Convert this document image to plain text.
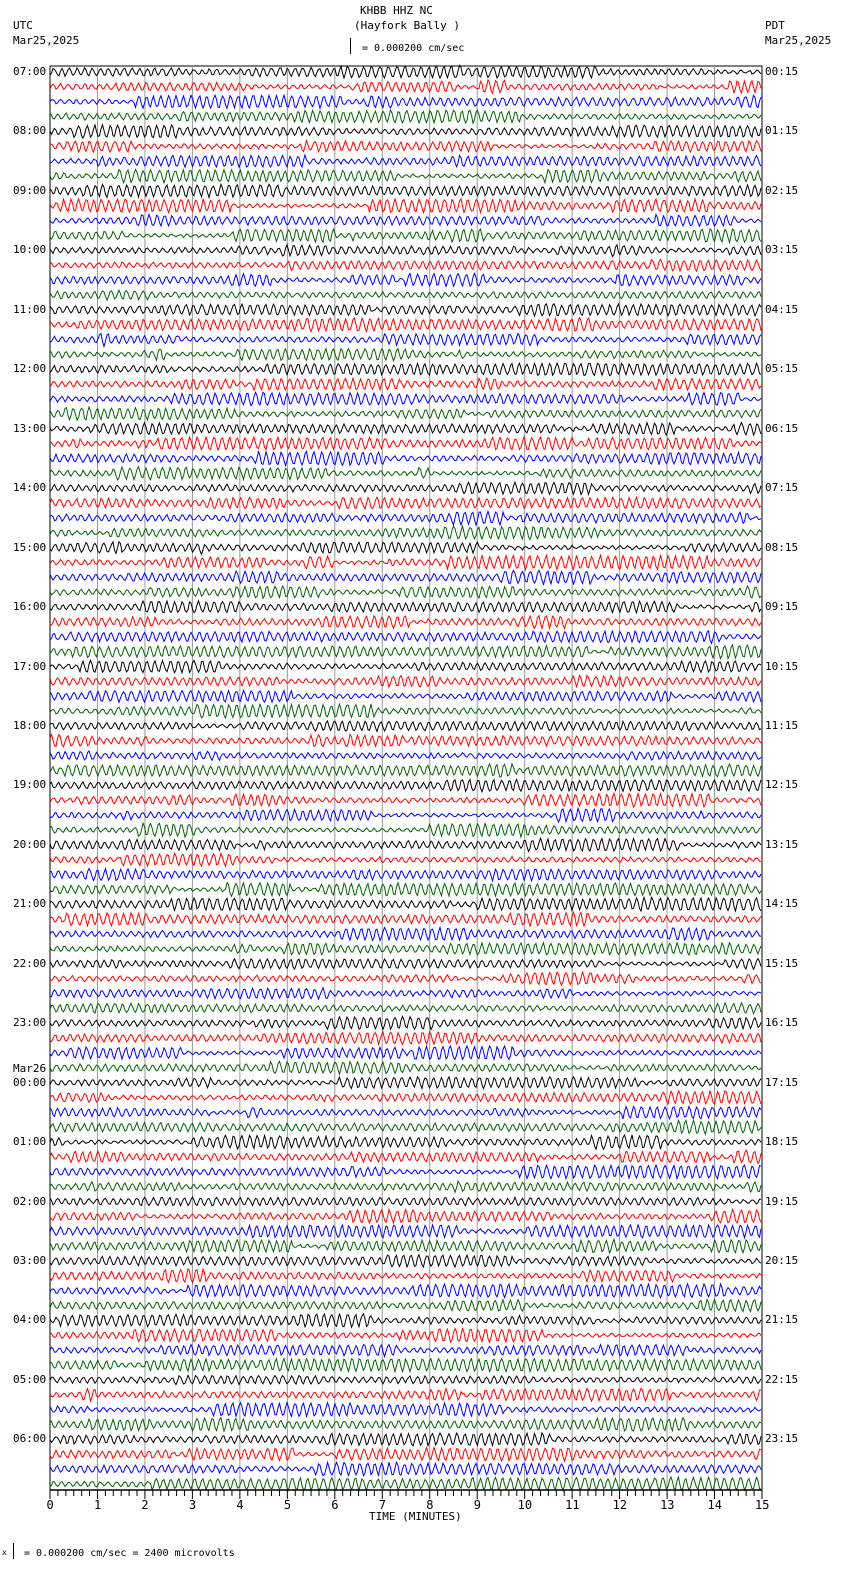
KHBB HHZ NC
(Hayfork Bally )
UTC
Mar25,2025
PDT
Mar25,2025
= 0.000200 cm/sec
TIME (MINUTES)
x = 0.000200 cm/sec = 2400 microvolts
0	1	2	3	4	5	6	7	8	9	10	11	12	13	14	15
07:00	00:15
08:00	01:15
09:00	02:15
10:00	03:15
11:00	04:15
12:00	05:15
13:00	06:15
14:00	07:15
15:00	08:15
16:00	09:15
17:00	10:15
18:00	11:15
19:00	12:15
20:00	13:15
21:00	14:15
22:00	15:15
23:00	16:15
00:00	17:15
Mar26
01:00	18:15
02:00	19:15
03:00	20:15
04:00	21:15
05:00	22:15
06:00	23:15
